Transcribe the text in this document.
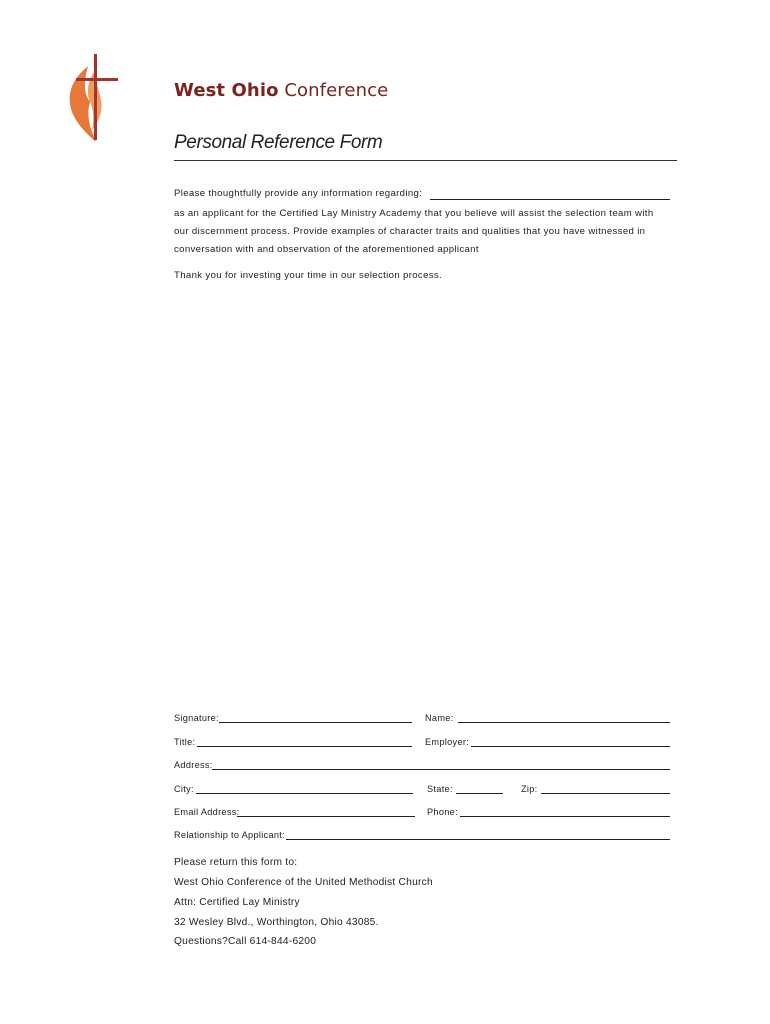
West Ohio Conference
Personal Reference Form
Please thoughtfully provide any information regarding:
as an applicant for the Certified Lay Ministry Academy that you believe will assist the selection team with
our discernment process. Provide examples of character traits and qualities that you have witnessed in
conversation with and observation of the aforementioned applicant
Thank you for investing your time in our selection process.
Signature:	Name:
Title:	Employer:
Address:
City:	State:	Zip:
Email Address:	Phone:
Relationship to Applicant:
Please return this form to:
West Ohio Conference of the United Methodist Church
Attn: Certified Lay Ministry
32 Wesley Blvd., Worthington, Ohio 43085.
Questions?Call 614-844-6200
